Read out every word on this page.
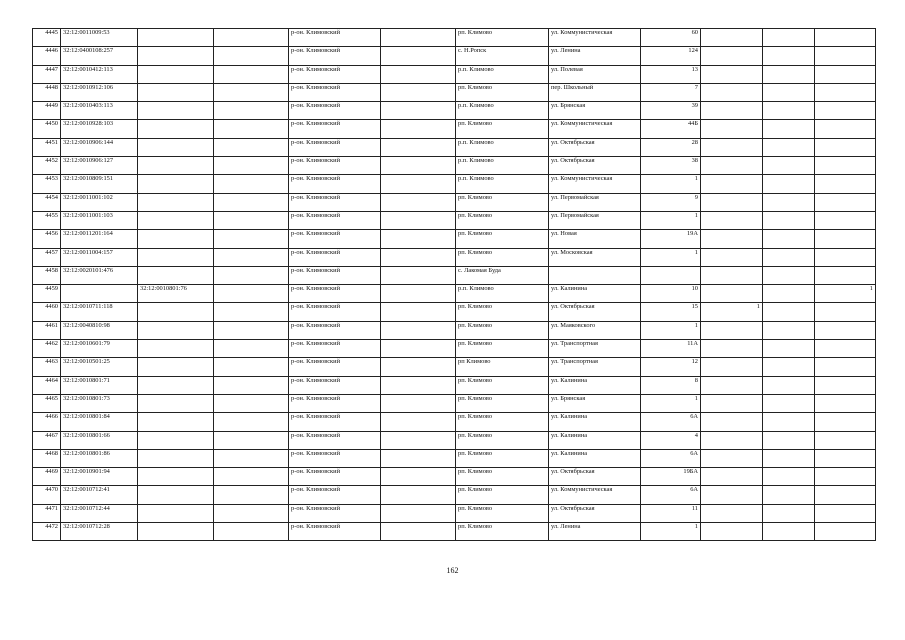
4445	32:12:0011009:53			р-он. Климовский		рп. Климово	ул. Коммунистическая	60			
4446	32:12:0400108:257			р-он. Климовский		с. Н.Ропск	ул. Ленина	124			
4447	32:12:0010412:113			р-он. Климовский		р.п. Климово	ул. Полевая	13			
4448	32:12:0010912:106			р-он. Климовский		рп. Климово	пер. Школьный	7			
4449	32:12:0010403:113			р-он. Климовский		р.п. Климово	ул. Брянская	39			
4450	32:12:0010928:103			р-он. Климовский		рп. Климово	ул. Коммунистическая	44Б			
4451	32:12:0010906:144			р-он. Климовский		р.п. Климово	ул. Октябрьская	28			
4452	32:12:0010906:127			р-он. Климовский		р.п. Климово	ул. Октябрьская	38			
4453	32:12:0010809:151			р-он. Климовский		р.п. Климово	ул. Коммунистическая	1			
4454	32:12:0011001:102			р-он. Климовский		рп. Климово	ул. Первомайская	9			
4455	32:12:0011001:103			р-он. Климовский		рп. Климово	ул. Первомайская	1			
4456	32:12:0011201:164			р-он. Климовский		рп. Климово	ул. Новая	19А			
4457	32:12:0011004:157			р-он. Климовский		рп. Климово	ул. Московская	1			
4458	32:12:0020101:476			р-он. Климовский		с. Лакомая Буда					
4459		32:12:0010801:76		р-он. Климовский		р.п. Климово	ул. Калинина	10			1
4460	32:12:0010711:118			р-он. Климовский		рп. Климово	ул. Октябрьская	15	1		
4461	32:12:0040810:98			р-он. Климовский		рп. Климово	ул. Маяковского	1			
4462	32:12:0010601:79			р-он. Климовский		рп. Климово	ул. Транспортная	11А			
4463	32:12:0010501:25			р-он. Климовский		рп Климово	ул. Транспортная	12			
4464	32:12:0010801:71			р-он. Климовский		рп. Климово	ул. Калинина	8			
4465	32:12:0010801:73			р-он. Климовский		рп. Климово	ул. Брянская	1			
4466	32:12:0010801:84			р-он. Климовский		рп. Климово	ул. Калинина	6А			
4467	32:12:0010801:66			р-он. Климовский		рп. Климово	ул. Калинина	4			
4468	32:12:0010801:86			р-он. Климовский		рп. Климово	ул. Калинина	6А			
4469	32:12:0010901:94			р-он. Климовский		рп. Климово	ул. Октябрьская	19БА			
4470	32:12:0010712:41			р-он. Климовский		рп. Климово	ул. Коммунистическая	6А			
4471	32:12:0010712:44			р-он. Климовский		рп. Климово	ул. Октябрьская	11			
4472	32:12:0010712:28			р-он. Климовский		рп. Климово	ул. Ленина	1			
162
